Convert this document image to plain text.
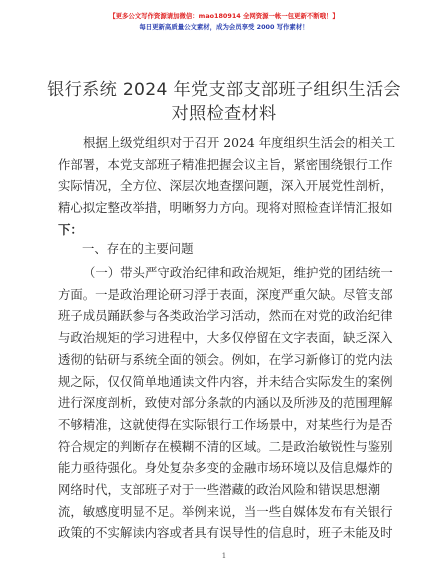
【更多公文写作资源请加微信：mao180914 全网资源一帐一包更新不断哦！】
每日更新高质量公文素材，成为会员享受 2000 写作素材！
银行系统 2024 年党支部支部班子组织生活会对照检查材料
根据上级党组织对于召开 2024 年度组织生活会的相关工
作部署，本党支部班子精准把握会议主旨，紧密围绕银行工作
实际情况，全方位、深层次地查摆问题，深入开展党性剖析，
精心拟定整改举措，明晰努力方向。现将对照检查详情汇报如
下：
一、存在的主要问题
（一）带头严守政治纪律和政治规矩，维护党的团结统一
方面。一是政治理论研习浮于表面，深度严重欠缺。尽管支部
班子成员踊跃参与各类政治学习活动，然而在对党的政治纪律
与政治规矩的学习进程中，大多仅停留在文字表面，缺乏深入
透彻的钻研与系统全面的领会。例如，在学习新修订的党内法
规之际，仅仅简单地通读文件内容，并未结合实际发生的案例
进行深度剖析，致使对部分条款的内涵以及所涉及的范围理解
不够精准，这就使得在实际银行工作场景中，对某些行为是否
符合规定的判断存在模糊不清的区域。二是政治敏锐性与鉴别
能力亟待强化。身处复杂多变的金融市场环境以及信息爆炸的
网络时代，支部班子对于一些潜藏的政治风险和错误思想潮
流，敏感度明显不足。举例来说，当一些自媒体发布有关银行
政策的不实解读内容或者具有误导性的信息时，班子未能及时
1
